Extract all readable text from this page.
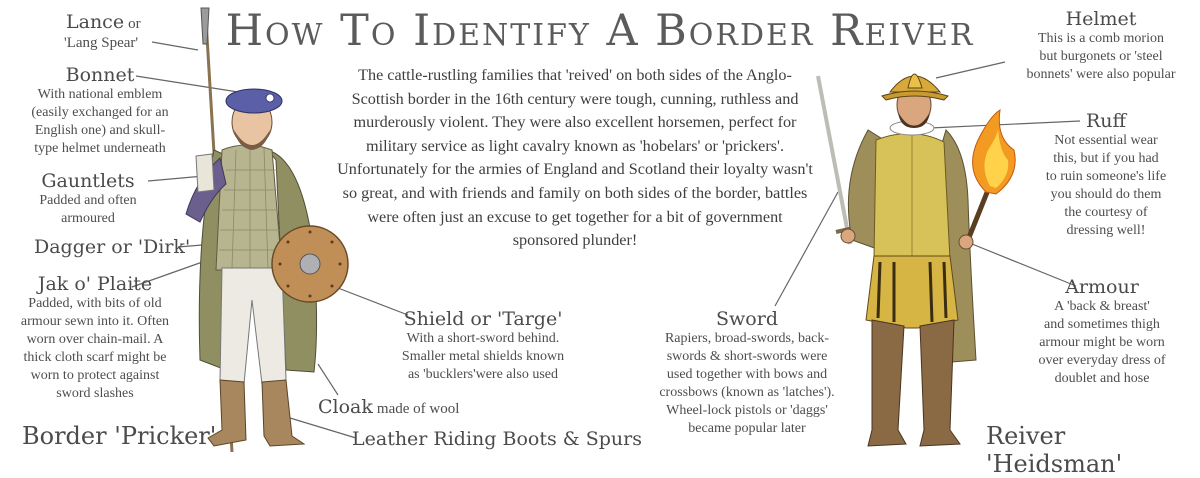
How To Identify A Border Reiver
The cattle-rustling families that 'reived' on both sides of the Anglo-Scottish border in the 16th century were tough, cunning, ruthless and murderously violent. They were also excellent horsemen, perfect for military service as light cavalry known as 'hobelars' or 'prickers'. Unfortunately for the armies of England and Scotland their loyalty wasn't so great, and with friends and family on both sides of the border, battles were often just an excuse to get together for a bit of government sponsored plunder!
Lance or
'Lang Spear'
Bonnet
With national emblem
(easily exchanged for an
English one) and skull-
type helmet underneath
Gauntlets
Padded and often
armoured
Dagger or 'Dirk'
Jak o' Plaite
Padded, with bits of old
armour sewn into it. Often
worn over chain-mail. A
thick cloth scarf might be
worn to protect against
sword slashes
Shield or 'Targe'
With a short-sword behind.
Smaller metal shields known
as 'bucklers'were also used
Cloak made of wool
Leather Riding Boots & Spurs
Border 'Pricker'
Helmet
This is a comb morion
but burgonets or 'steel
bonnets' were also popular
Ruff
Not essential wear
this, but if you had
to ruin someone's life
you should do them
the courtesy of
dressing well!
Armour
A 'back & breast'
and sometimes thigh
armour might be worn
over everyday dress of
doublet and hose
Sword
Rapiers, broad-swords, back-
swords & short-swords were
used together with bows and
crossbows (known as 'latches').
Wheel-lock pistols or 'daggs'
became popular later	Reiver 'Heidsman'
